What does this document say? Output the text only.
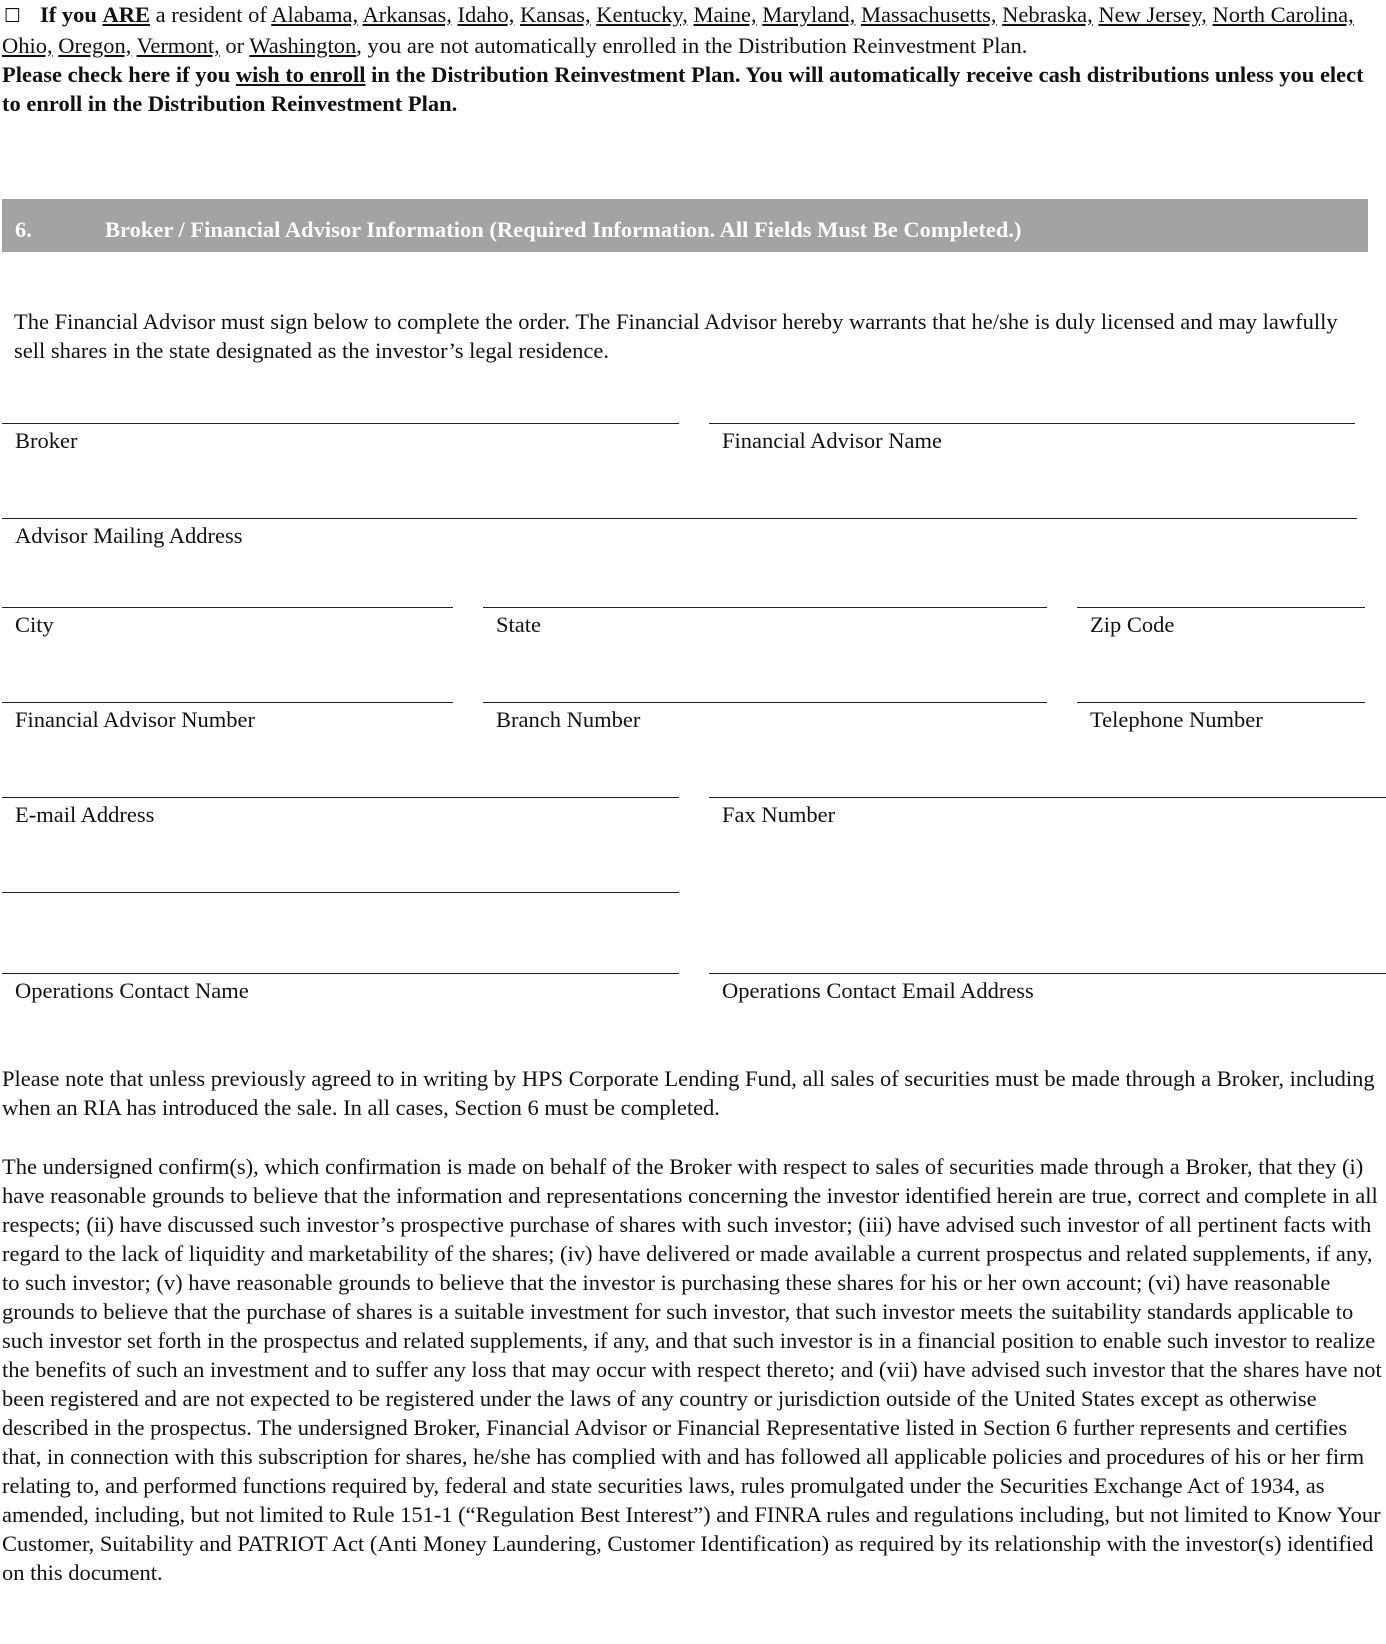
☐ If you ARE a resident of Alabama, Arkansas, Idaho, Kansas, Kentucky, Maine, Maryland, Massachusetts, Nebraska, New Jersey, North Carolina, Ohio, Oregon, Vermont, or Washington, you are not automatically enrolled in the Distribution Reinvestment Plan.
Please check here if you wish to enroll in the Distribution Reinvestment Plan. You will automatically receive cash distributions unless you elect to enroll in the Distribution Reinvestment Plan.
6.	Broker / Financial Advisor Information (Required Information. All Fields Must Be Completed.)
The Financial Advisor must sign below to complete the order. The Financial Advisor hereby warrants that he/she is duly licensed and may lawfully sell shares in the state designated as the investor’s legal residence.
Broker	Financial Advisor Name
Advisor Mailing Address
City	State	Zip Code
Financial Advisor Number	Branch Number	Telephone Number
E-mail Address	Fax Number
Operations Contact Name	Operations Contact Email Address
Please note that unless previously agreed to in writing by HPS Corporate Lending Fund, all sales of securities must be made through a Broker, including when an RIA has introduced the sale. In all cases, Section 6 must be completed.
The undersigned confirm(s), which confirmation is made on behalf of the Broker with respect to sales of securities made through a Broker, that they (i) have reasonable grounds to believe that the information and representations concerning the investor identified herein are true, correct and complete in all respects; (ii) have discussed such investor’s prospective purchase of shares with such investor; (iii) have advised such investor of all pertinent facts with regard to the lack of liquidity and marketability of the shares; (iv) have delivered or made available a current prospectus and related supplements, if any, to such investor; (v) have reasonable grounds to believe that the investor is purchasing these shares for his or her own account; (vi) have reasonable grounds to believe that the purchase of shares is a suitable investment for such investor, that such investor meets the suitability standards applicable to such investor set forth in the prospectus and related supplements, if any, and that such investor is in a financial position to enable such investor to realize the benefits of such an investment and to suffer any loss that may occur with respect thereto; and (vii) have advised such investor that the shares have not been registered and are not expected to be registered under the laws of any country or jurisdiction outside of the United States except as otherwise described in the prospectus. The undersigned Broker, Financial Advisor or Financial Representative listed in Section 6 further represents and certifies that, in connection with this subscription for shares, he/she has complied with and has followed all applicable policies and procedures of his or her firm relating to, and performed functions required by, federal and state securities laws, rules promulgated under the Securities Exchange Act of 1934, as amended, including, but not limited to Rule 151-1 (“Regulation Best Interest”) and FINRA rules and regulations including, but not limited to Know Your Customer, Suitability and PATRIOT Act (Anti Money Laundering, Customer Identification) as required by its relationship with the investor(s) identified on this document.
